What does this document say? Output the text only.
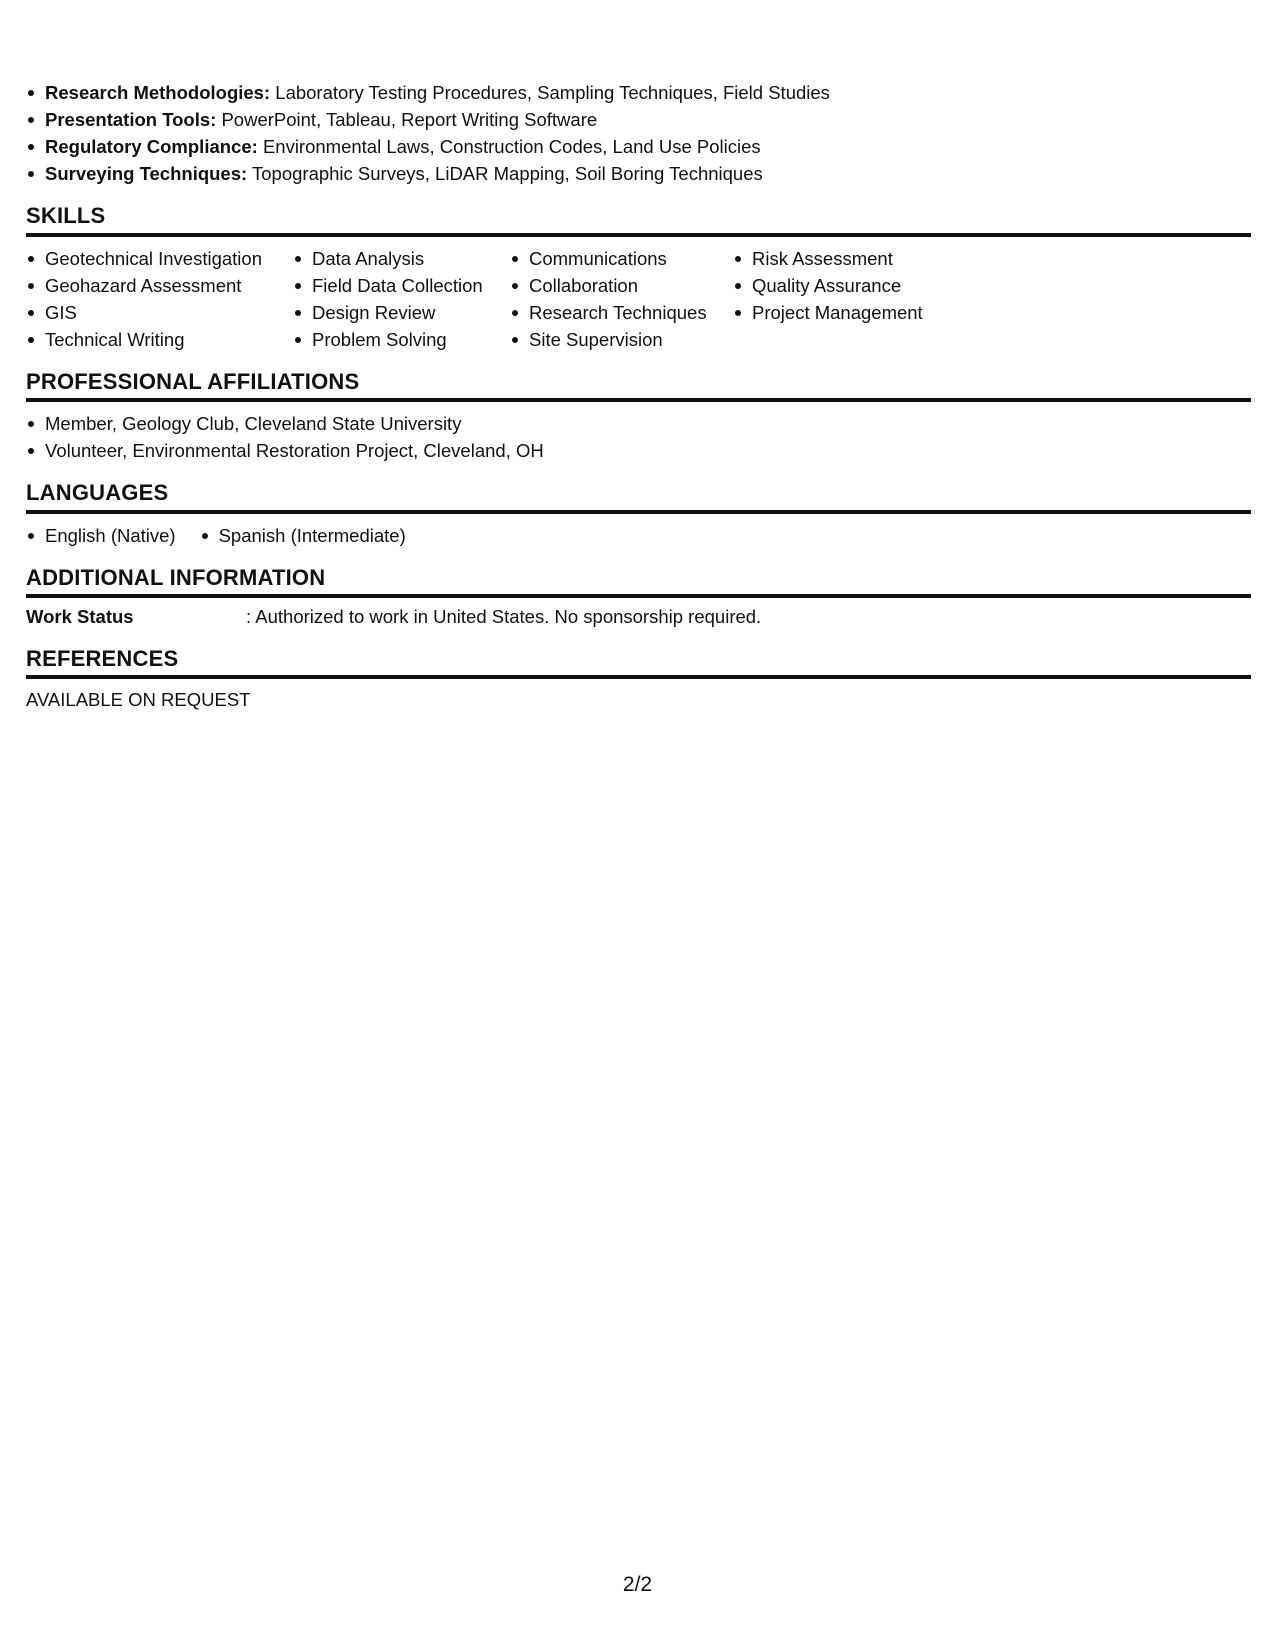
Research Methodologies: Laboratory Testing Procedures, Sampling Techniques, Field Studies
Presentation Tools: PowerPoint, Tableau, Report Writing Software
Regulatory Compliance: Environmental Laws, Construction Codes, Land Use Policies
Surveying Techniques: Topographic Surveys, LiDAR Mapping, Soil Boring Techniques
SKILLS
Geotechnical Investigation
Geohazard Assessment
GIS
Technical Writing
Data Analysis
Field Data Collection
Design Review
Problem Solving
Communications
Collaboration
Research Techniques
Site Supervision
Risk Assessment
Quality Assurance
Project Management
PROFESSIONAL AFFILIATIONS
Member, Geology Club, Cleveland State University
Volunteer, Environmental Restoration Project, Cleveland, OH
LANGUAGES
English (Native)	Spanish (Intermediate)
ADDITIONAL INFORMATION
Work Status	: Authorized to work in United States. No sponsorship required.
REFERENCES
AVAILABLE ON REQUEST
2/2
